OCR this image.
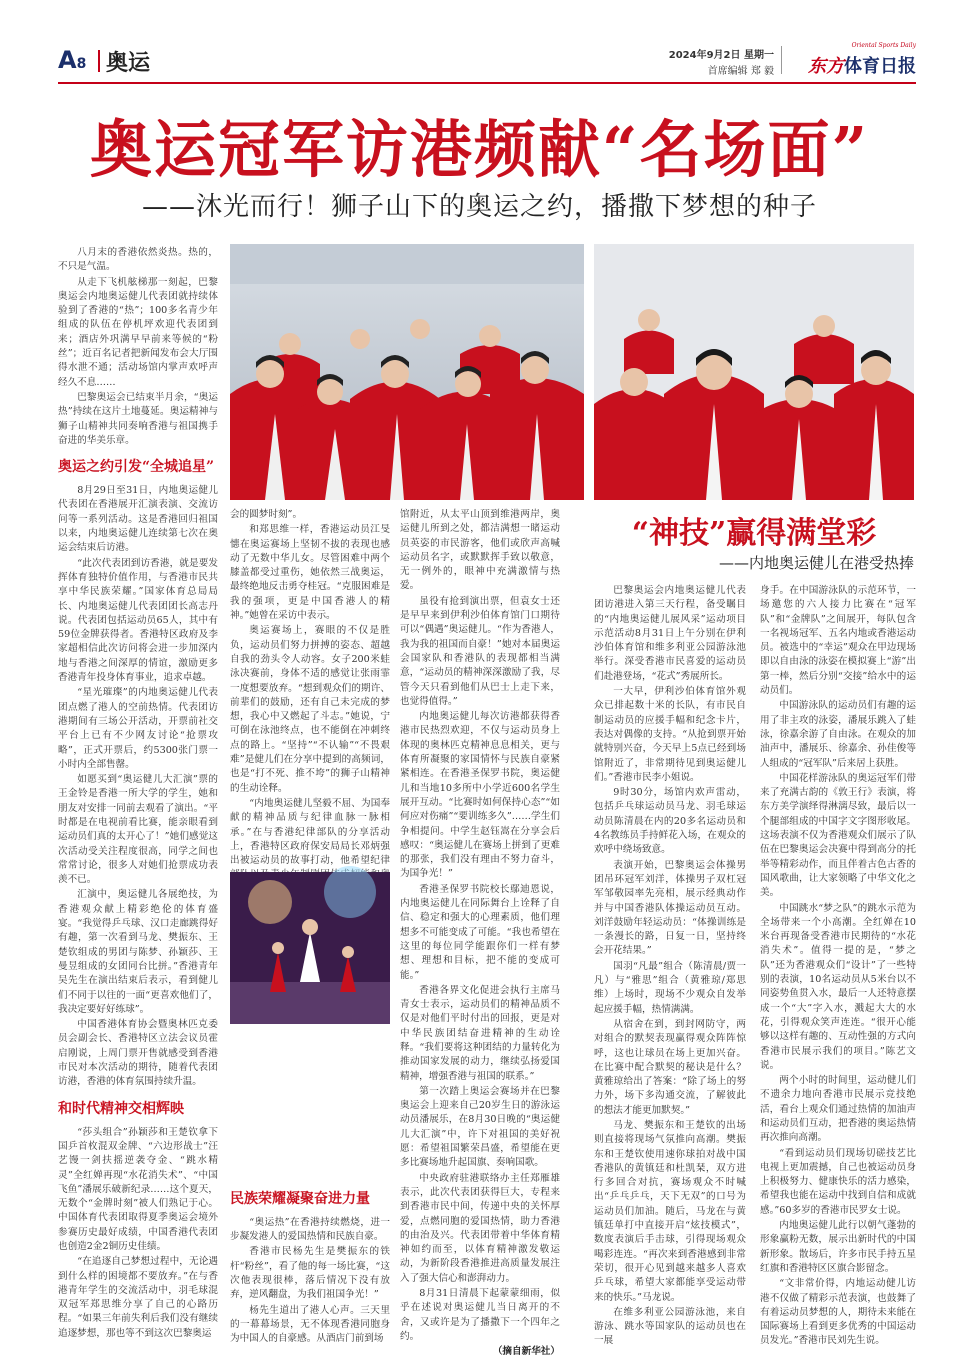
A8 奥运	2024年9月2日 星期一
首席编辑 郑 毅
Oriental Sports Daily
东方体育日报
奥运冠军访港频献“名场面”
——沐光而行！狮子山下的奥运之约，播撒下梦想的种子

八月末的香港依然炎热。热的，不只是气温。

从走下飞机舷梯那一刻起，巴黎奥运会内地奥运健儿代表团就持续体验到了香港的“热”；100多名青少年组成的队伍在停机坪欢迎代表团到来；酒店外巩满早早前来等候的“粉丝”；近百名记者把新闻发布会大厅围得水泄不通；活动场馆内掌声欢呼声经久不息……

巴黎奥运会已结束半月余，“奥运热”持续在这片土地蔓延。奥运精神与狮子山精神共同奏响香港与祖国携手奋进的华美乐章。

奥运之约引发“全城追星”

8月29日至31日，内地奥运健儿代表团在香港展开汇演表演、交流访问等一系列活动。这是香港回归祖国以来，内地奥运健儿连续第七次在奥运会结束后访港。

“此次代表团到访香港，就是要发挥体育独特价值作用，与香港市民共享中华民族荣耀。”国家体育总局局长、内地奥运健儿代表团团长高志丹说。代表团包括运动员65人，其中有59位金牌获得者。香港特区政府及李家超相信此次访问将会进一步加深内地与香港之间深厚的情谊，激励更多香港青年投身体育事业，追求卓越。

“星光璀璨”的内地奥运健儿代表团点燃了港人的空前热情。代表团访港期间有三场公开活动，开票前社交平台上已有不少网友讨论“抢票攻略”，正式开票后，约5300张门票一小时内全部售罄。

如愿买到“奥运健儿大汇演”票的王金铃是香港一所大学的学生，她和朋友对安排一同前去观看了演出。“平时都是在电视前看比赛，能亲眼看到运动员们真的太开心了！”她们感觉这次活动受关注程度很高，同学之间也常常讨论，很多人对她们抢票成功表羡不已。

汇演中，奥运健儿各展绝技，为香港观众献上精彩绝伦的体育盛宴。“我觉得乒乓球、汉口走廊跳得好有趣，第一次看到马龙、樊振东、王楚钦组成的男团与陈梦、孙颖莎、王曼昱组成的女团同台比拼。”香港青年吴先生在演出结束后表示，看到健儿们不同于以往的一面“更喜欢他们了，我决定要好好练球”。

中国香港体育协会暨奥林匹克委员会副会长、香港特区立法会议员霍启刚说，上周门票开售就感受到香港市民对本次活动的期待，随着代表团访港，香港的体育氛围持续升温。

和时代精神交相辉映

“莎头组合”孙颖莎和王楚钦拿下国乒首枚混双金牌、“六边形战士”汪艺馒一剑扶摇逆袭夺金、“跳水精灵”全红婵再现“水花消失术”、“中国飞鱼”潘展乐破新纪录……这个夏天，无数个“金牌时刻”被人们熟记于心。中国体育代表团取得夏季奥运会境外参赛历史最好成绩，中国香港代表团也创造2金2铜历史佳绩。

“在追逐自己梦想过程中，无论遇到什么样的困境都不要放弃。”在与香港青年学生的交流活动中，羽毛球混双冠军郑思维分享了自己的心路历程。“如果三年前失利后我们没有继续追逐梦想，那也等不到这次巴黎奥运

会的圆梦时刻”。

和郑思维一样，香港运动员江旻憓在奥运赛场上坚韧不拔的表现也感动了无数中华儿女。尽管困难中两个膝盖都受过重伤，她依然三战奥运，最终绝地反击勇夺桂冠。“克服困难是我的强项，更是中国香港人的精神。”她曾在采访中表示。

奥运赛场上，赛眼的不仅是胜负，运动员们努力拼搏的姿态、超越自我的劲头令人动容。女子200米蛙泳决赛前，身体不适的感觉让张雨霏一度想要放弃。“想到观众们的期许、前辈们的鼓励，还有自己未完成的梦想，我心中又燃起了斗志。”她说，宁可倒在泳池终点，也不能倒在冲刺终点的路上。“坚持”“不认输”“不畏艰难”是健儿们在分享中提到的高频词，也是“打不死、推不垮”的狮子山精神的生动诠释。

“内地奥运健儿坚毅不屈、为国奉献的精神品质与纪律血脉一脉相承。”在与香港纪律部队的分享活动上，香港特区政府保安局局长邓炳强出被运动员的故事打动，他希望纪律

民族荣耀凝聚奋进力量

“奥运热”在香港持续燃烧，进一步凝发港人的爱国热情和民族自豪。

香港市民杨先生是樊振东的铁杆“粉丝”，看了他的每一场比赛，“这次他表现很棒，落后情况下没有放弃，逆风翻盘，为我们祖国争光！”

杨先生道出了港人心声。三天里的一幕幕场景，无不体现香港同胞身为中国人的自豪感。从酒店门前到场

馆附近，从太平山顶到维港两岸，奥运健儿所到之处，都洁满想一睹运动员英姿的市民游客，他们或欣声高喊运动员名字，或默默挥手致以敬意，无一例外的，眼神中充满激情与热爱。

虽役有抢到演出票，但袁女士还是早早来到伊利沙伯体育馆门口期待可以“偶遇”奥运健儿。“作为香港人，我为我的祖国而自豪！”她对本届奥运会国家队和香港队的表现都相当满意，“运动员的精神深深激励了我，尽管今天只看到他们从巴士上走下来，也觉得值得。”

内地奥运健儿每次访港都获得香港市民热烈欢迎，不仅与运动员身上体现的奥林匹克精神息息相关，更与体育所凝聚的家国情怀与民族自豪紧紧相连。在香港圣保罗书院，奥运健儿和当地10多所中小学近600名学生展开互动。“比赛时如何保持心态”“如何应对伤痛”“要训练多久”……学生们争相提问。中学生赵钰嵩在分享会后感叹：“奥运健儿在赛场上拼到了更难的那张，我们没有理由不努力奋斗，为国争光！”

香港圣保罗书院校长鄢迪恩说，内地奥运健儿在同际舞台上诠释了自信、稳定和强大的心理素质，他们理想多不可能变成了可能。“我也希望在这里的每位同学能跟你们一样有梦想、理想和目标，把不能的变成可能。”

香港各界文化促进会执行主席马青女士表示，运动员们的精神品质不仅是对他们平时付出的回报，更是对中华民族团结奋进精神的生动诠释。“我们要将这种团结的力量转化为推动国家发展的动力，继续弘扬爱国精神，增强香港与祖国的联系。”

第一次踏上奥运会赛场并在巴黎奥运会上迎来自己20岁生日的游泳运动员潘展乐，在8月30日晚的“奥运健儿大汇演”中，许下对祖国的美好祝愿：希望祖国繁荣昌盛，希望能在更多比赛场地升起国旗、奏响国歌。

中央政府驻港联络办主任郑雁雄表示，此次代表团获得巨大，专程来到香港市民中间，传递中央的关怀厚爱，点燃同胞的爱国热情，助力香港的由治及兴。代表团带着中华体育精神如约而至，以体育精神激发敬运动，为新阶段香港推进高质量发展注入了强大信心和澎湃动力。

8月31日清晨下起蒙蒙细雨，似乎在述说对奥运健儿当日离开的不舍，又或许是为了播撒下一个四年之约。

（摘自新华社）

“神技”赢得满堂彩
——内地奥运健儿在港受热捧

巴黎奥运会内地奥运健儿代表团访港进入第三天行程，备受瞩目的“内地奥运健儿展风采”运动项目示范活动8月31日上午分别在伊利沙伯体育馆和维多利亚公园游泳池举行。深受香港市民喜爱的运动员们赴港登场，“花式”秀展所长。

一大早，伊利沙伯体育馆外观众已排起数十米的长队，有市民自制运动员的应援手幅和纪念卡片，表达对偶像的支持。“从抢到票开始就特别兴奋，今天早上5点已经到场馆附近了，非常期待见到奥运健儿们。”香港市民李小姐说。

9时30分，场馆内欢声雷动，包括乒乓球运动员马龙、羽毛球运动员陈清晨在内的20多名运动员和4名教练员手持鲜花入场，在观众的欢呼中绕场致意。

表演开始，巴黎奥运会体操男团吊环冠军刘洋，体操男子双杠冠军邹敬园率先亮相，展示经典动作并与中国香港队体操运动员互动。刘洋鼓励年轻运动员：“体操训练是一条漫长的路，日复一日，坚持终会开花结果。”

国羽“凡最”组合（陈清晨/贾一凡）与“雅思”组合（黄雅琼/郑思维）上场时，现场不少观众自发举起应援手幅，热情满满。

从宿舍在到，到封网防守，两对组合的默契表现赢得观众阵阵惊呼，这也让球员在场上更加兴奋。在比赛中配合默契的秘诀是什么？黄雅琼给出了答案：“除了场上的努力外，场下多沟通交流，了解彼此的想法才能更加默契。”

马龙、樊振东和王楚钦的出场则直接将现场气氛推向高潮。樊振东和王楚钦使用速你球拍对战中国香港队的黄镇廷和杜凯琹，双方进行多回合对抗，赛场观众不时喊出“乒乓乒乓，天下无双”的口号为运动员们加油。随后，马龙在与黄镇廷单打中直接开启“炫技模式”，数度表演后手击球，引得现场观众喝彩连连。“再次来到香港感到非常荣切，很开心见到越来越多人喜欢乒乓球，希望大家都能享受运动带来的快乐。”马龙说。

在维多利亚公园游泳池，来自游泳、跳水等国家队的运动员也在一展

身手。在中国游泳队的示范环节，一场邀您的六人接力比赛在“冠军队”和“金牌队”之间展开，每队包含一名视场冠军、五名内地或香港运动员。被选中的“幸运”观众在甲边现场即以自由泳的泳姿在模拟赛上“游”出第一棒，然后分别“交接”给水中的运动员们。

中国游泳队的运动员们有趣的运用了非主攻的泳姿，潘展乐跳入了蛙泳，徐嘉余游了自由泳。在观众的加油声中，潘展乐、徐嘉余、孙佳俊等人组成的“冠军队”后来居上获胜。

中国花样游泳队的奥运冠军们带来了充满古韵的《敦王行》表演，将东方美学演绎得淋漓尽致，最后以一个腿部组成的中国字文字图形收尾。这场表演不仅为香港观众们展示了队伍在巴黎奥运会决赛中得到高分的托举等精彩动作，而且伴着古色古香的国风歌曲，让大家领略了中华文化之美。

中国跳水“梦之队”的跳水示范为全场带来一个小高潮。全红婵在10米台再现备受香港市民期待的“水花消失术”。值得一提的是，“梦之队”还为香港观众们“设计”了一些特别的表演，10名运动员从5米台以不同姿势鱼贯入水，最后一人还特意摆成一个“大”字入水，溅起大大的水花，引得观众笑声连连。“很开心能够以这样有趣的、互动性强的方式向香港市民展示我们的项目。”陈艺文说。

两个小时的时间里，运动健儿们不遗余力地向香港市民展示竞技绝活，看台上观众们通过热情的加油声和运动员们互动，把香港的奥运热情再次推向高潮。

“看到运动员们现场切磋技艺比电视上更加震撼，自己也被运动员身上积极努力、健康快乐的活力感染，希望我也能在运动中找到自信和成就感。”60多岁的香港市民罗女士说。

内地奥运健儿此行以朝气蓬勃的形象赢粉无数，展示出新时代的中国新形象。散场后，许多市民手持五星红旗和香港特区区旗合影留念。

“文非常价得，内地运动健儿访港不仅做了精彩示范表演，也鼓舞了有着运动员梦想的人，期待未来能在国际赛场上看到更多优秀的中国运动员发光。”香港市民刘先生说。
